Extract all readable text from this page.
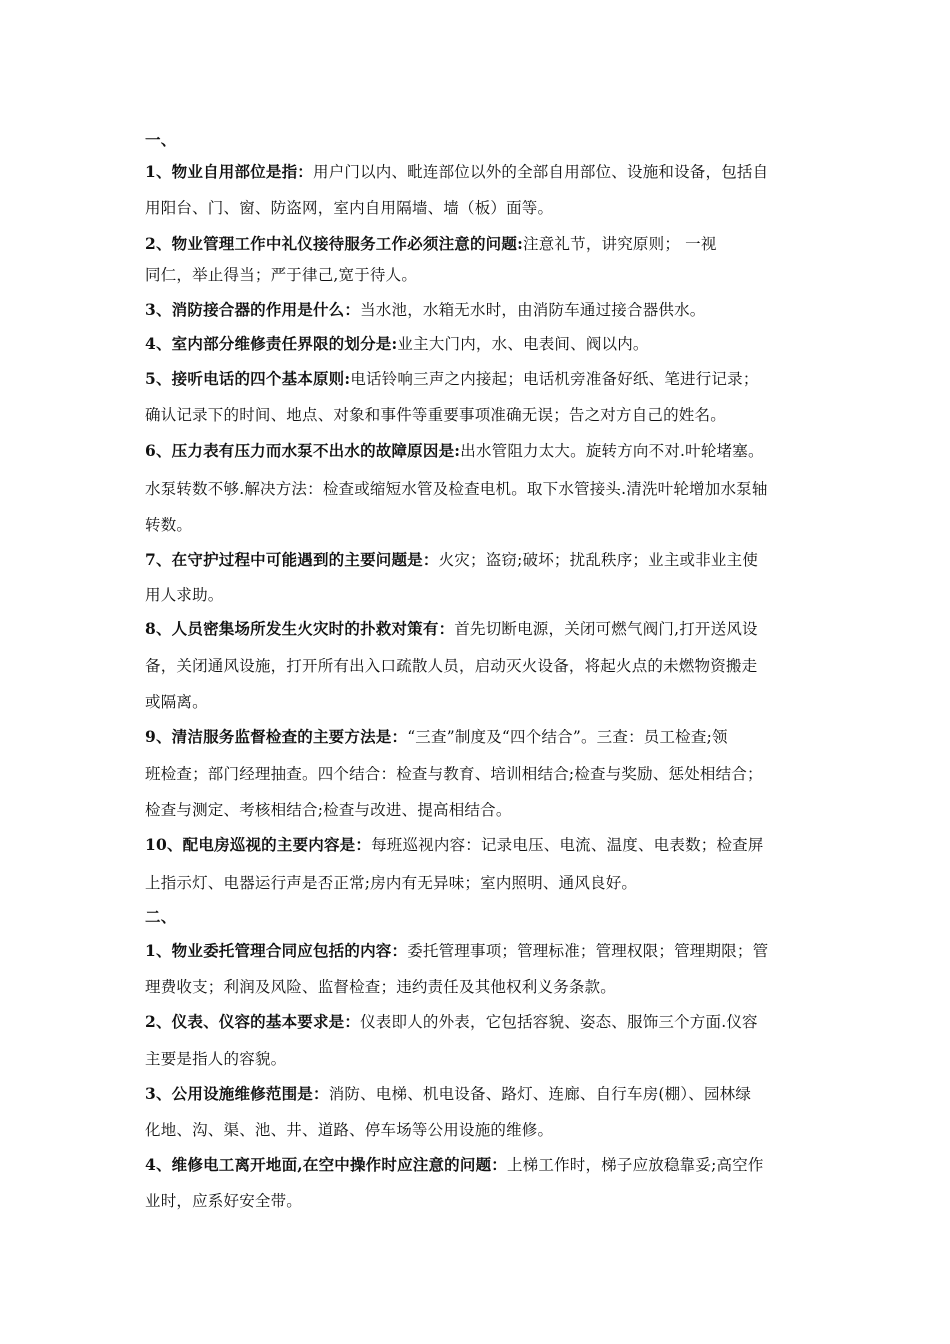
一、
1、物业自用部位是指：用户门以内、毗连部位以外的全部自用部位、设施和设备，包括自
用阳台、门、窗、防盗网，室内自用隔墙、墙（板）面等。
2、物业管理工作中礼仪接待服务工作必须注意的问题:注意礼节，讲究原则； 一视
同仁，举止得当；严于律己,宽于待人。
3、消防接合器的作用是什么：当水池，水箱无水时，由消防车通过接合器供水。
4、室内部分维修责任界限的划分是:业主大门内，水、电表间、阀以内。
5、接听电话的四个基本原则:电话铃响三声之内接起；电话机旁准备好纸、笔进行记录；
确认记录下的时间、地点、对象和事件等重要事项准确无误；告之对方自己的姓名。
6、压力表有压力而水泵不出水的故障原因是:出水管阻力太大。旋转方向不对.叶轮堵塞。
水泵转数不够.解决方法：检查或缩短水管及检查电机。取下水管接头.清洗叶轮增加水泵轴
转数。
7、在守护过程中可能遇到的主要问题是：火灾；盗窃;破坏；扰乱秩序；业主或非业主使
用人求助。
8、人员密集场所发生火灾时的扑救对策有：首先切断电源，关闭可燃气阀门,打开送风设
备，关闭通风设施，打开所有出入口疏散人员，启动灭火设备，将起火点的未燃物资搬走
或隔离。
9、清洁服务监督检查的主要方法是：“三查”制度及“四个结合”。三查：员工检查;领
班检查；部门经理抽查。四个结合：检查与教育、培训相结合;检查与奖励、惩处相结合；
检查与测定、考核相结合;检查与改进、提高相结合。
10、配电房巡视的主要内容是：每班巡视内容：记录电压、电流、温度、电表数；检查屏
上指示灯、电器运行声是否正常;房内有无异味；室内照明、通风良好。
二、
1、物业委托管理合同应包括的内容：委托管理事项；管理标准；管理权限；管理期限；管
理费收支；利润及风险、监督检查；违约责任及其他权利义务条款。
2、仪表、仪容的基本要求是：仪表即人的外表，它包括容貌、姿态、服饰三个方面.仪容
主要是指人的容貌。
3、公用设施维修范围是：消防、电梯、机电设备、路灯、连廊、自行车房(棚）、园林绿
化地、沟、渠、池、井、道路、停车场等公用设施的维修。
4、维修电工离开地面,在空中操作时应注意的问题：上梯工作时，梯子应放稳靠妥;高空作
业时，应系好安全带。
